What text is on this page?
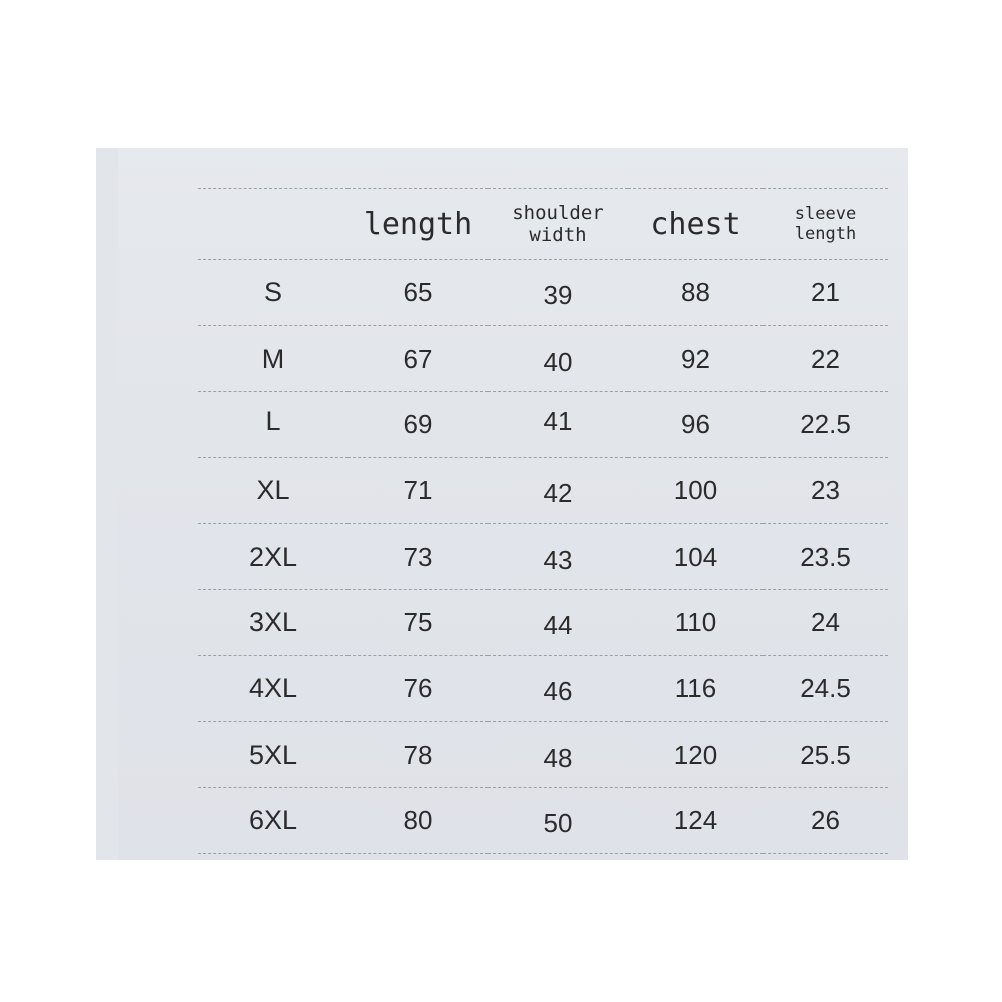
	length	shoulder width	chest	sleeve length
S	65	39	88	21
M	67	40	92	22
L	69	41	96	22.5
XL	71	42	100	23
2XL	73	43	104	23.5
3XL	75	44	110	24
4XL	76	46	116	24.5
5XL	78	48	120	25.5
6XL	80	50	124	26
